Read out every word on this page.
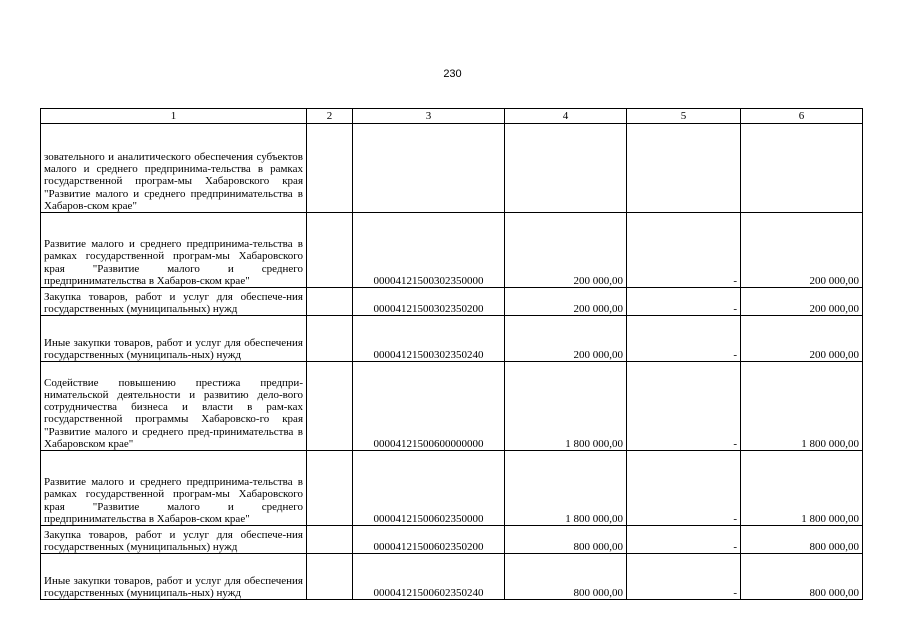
230
1	2	3	4	5	6
зовательного и аналитического обеспечения субъектов малого и среднего предпринима-тельства в рамках государственной програм-мы Хабаровского края "Развитие малого и среднего предпринимательства в Хабаров-ском крае"					
Развитие малого и среднего предпринима-тельства в рамках государственной програм-мы Хабаровского края "Развитие малого и среднего предпринимательства в Хабаров-ском крае"		00004121500302350000	200 000,00	-	200 000,00
Закупка товаров, работ и услуг для обеспече-ния государственных (муниципальных) нужд		00004121500302350200	200 000,00	-	200 000,00
Иные закупки товаров, работ и услуг для обеспечения государственных (муниципаль-ных) нужд		00004121500302350240	200 000,00	-	200 000,00
Содействие повышению престижа предпри-нимательской деятельности и развитию дело-вого сотрудничества бизнеса и власти в рам-ках государственной программы Хабаровско-го края "Развитие малого и среднего пред-принимательства в Хабаровском крае"		00004121500600000000	1 800 000,00	-	1 800 000,00
Развитие малого и среднего предпринима-тельства в рамках государственной програм-мы Хабаровского края "Развитие малого и среднего предпринимательства в Хабаров-ском крае"		00004121500602350000	1 800 000,00	-	1 800 000,00
Закупка товаров, работ и услуг для обеспече-ния государственных (муниципальных) нужд		00004121500602350200	800 000,00	-	800 000,00
Иные закупки товаров, работ и услуг для обеспечения государственных (муниципаль-ных) нужд		00004121500602350240	800 000,00	-	800 000,00
